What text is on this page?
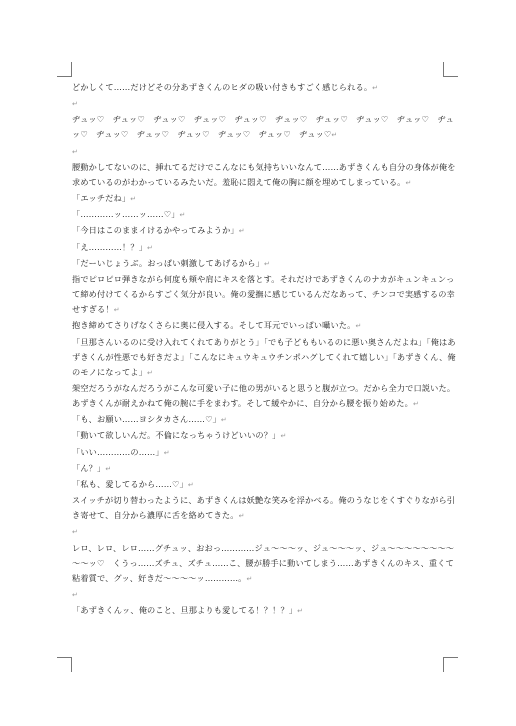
どかしくて……だけどその分あずきくんのヒダの吸い付きもすごく感じられる。↵

↵

ヂュッ♡　ヂュッ♡　ヂュッ♡　ヂュッ♡　ヂュッ♡　ヂュッ♡　ヂュッ♡　ヂュッ♡　ヂュッ♡　ヂュッ♡　ヂュッ♡　ヂュッ♡　ヂュッ♡　ヂュッ♡　ヂュッ♡　ヂュッ♡↵

↵

腰動かしてないのに、挿れてるだけでこんなにも気持ちいいなんて……あずきくんも自分の身体が俺を求めているのがわかっているみたいだ。羞恥に悶えて俺の胸に顔を埋めてしまっている。↵

「エッチだね」↵

「…………ッ……ッ……♡」↵

「今日はこのままイけるかやってみようか」↵

「え…………！？」↵

「だーいじょうぶ。おっぱい刺激してあげるから」↵

指でピロピロ弾きながら何度も頬や肩にキスを落とす。それだけであずきくんのナカがキュンキュンって締め付けてくるからすごく気分が良い。俺の愛撫に感じているんだなあって、チンコで実感するの幸せすぎる！↵

抱き締めてさりげなくさらに奥に侵入する。そして耳元でいっぱい囁いた。↵

「旦那さんいるのに受け入れてくれてありがとう」「でも子どももいるのに悪い奥さんだよね」「俺はあずきくんが性悪でも好きだよ」「こんなにキュウキュウチンポハグしてくれて嬉しい」「あずきくん、俺のモノになってよ」↵

架空だろうがなんだろうがこんな可愛い子に他の男がいると思うと腹が立つ。だから全力で口説いた。あずきくんが耐えかねて俺の腕に手をまわす。そして緩やかに、自分から腰を振り始めた。↵

「も、お願い……ヨシタカさん……♡」↵

「動いて欲しいんだ。不倫になっちゃうけどいいの？」↵

「いい…………の……」↵

「ん？」↵

「私も、愛してるから……♡」↵

スイッチが切り替わったように、あずきくんは妖艶な笑みを浮かべる。俺のうなじをくすぐりながら引き寄せて、自分から濃厚に舌を絡めてきた。↵

↵

レロ、レロ、レロ……グチュッ、おおっ…………ジュ～～～ッ、ジュ～～～ッ、ジュ～～～～～～～～～～ッ♡　くうっ……ズチュ、ズチュ……こ、腰が勝手に動いてしまう……あずきくんのキス、重くて粘着質で、グッ、好きだ～～～～ッ…………。↵

↵

「あずきくんッ、俺のこと、旦那よりも愛してる！？！？」↵
